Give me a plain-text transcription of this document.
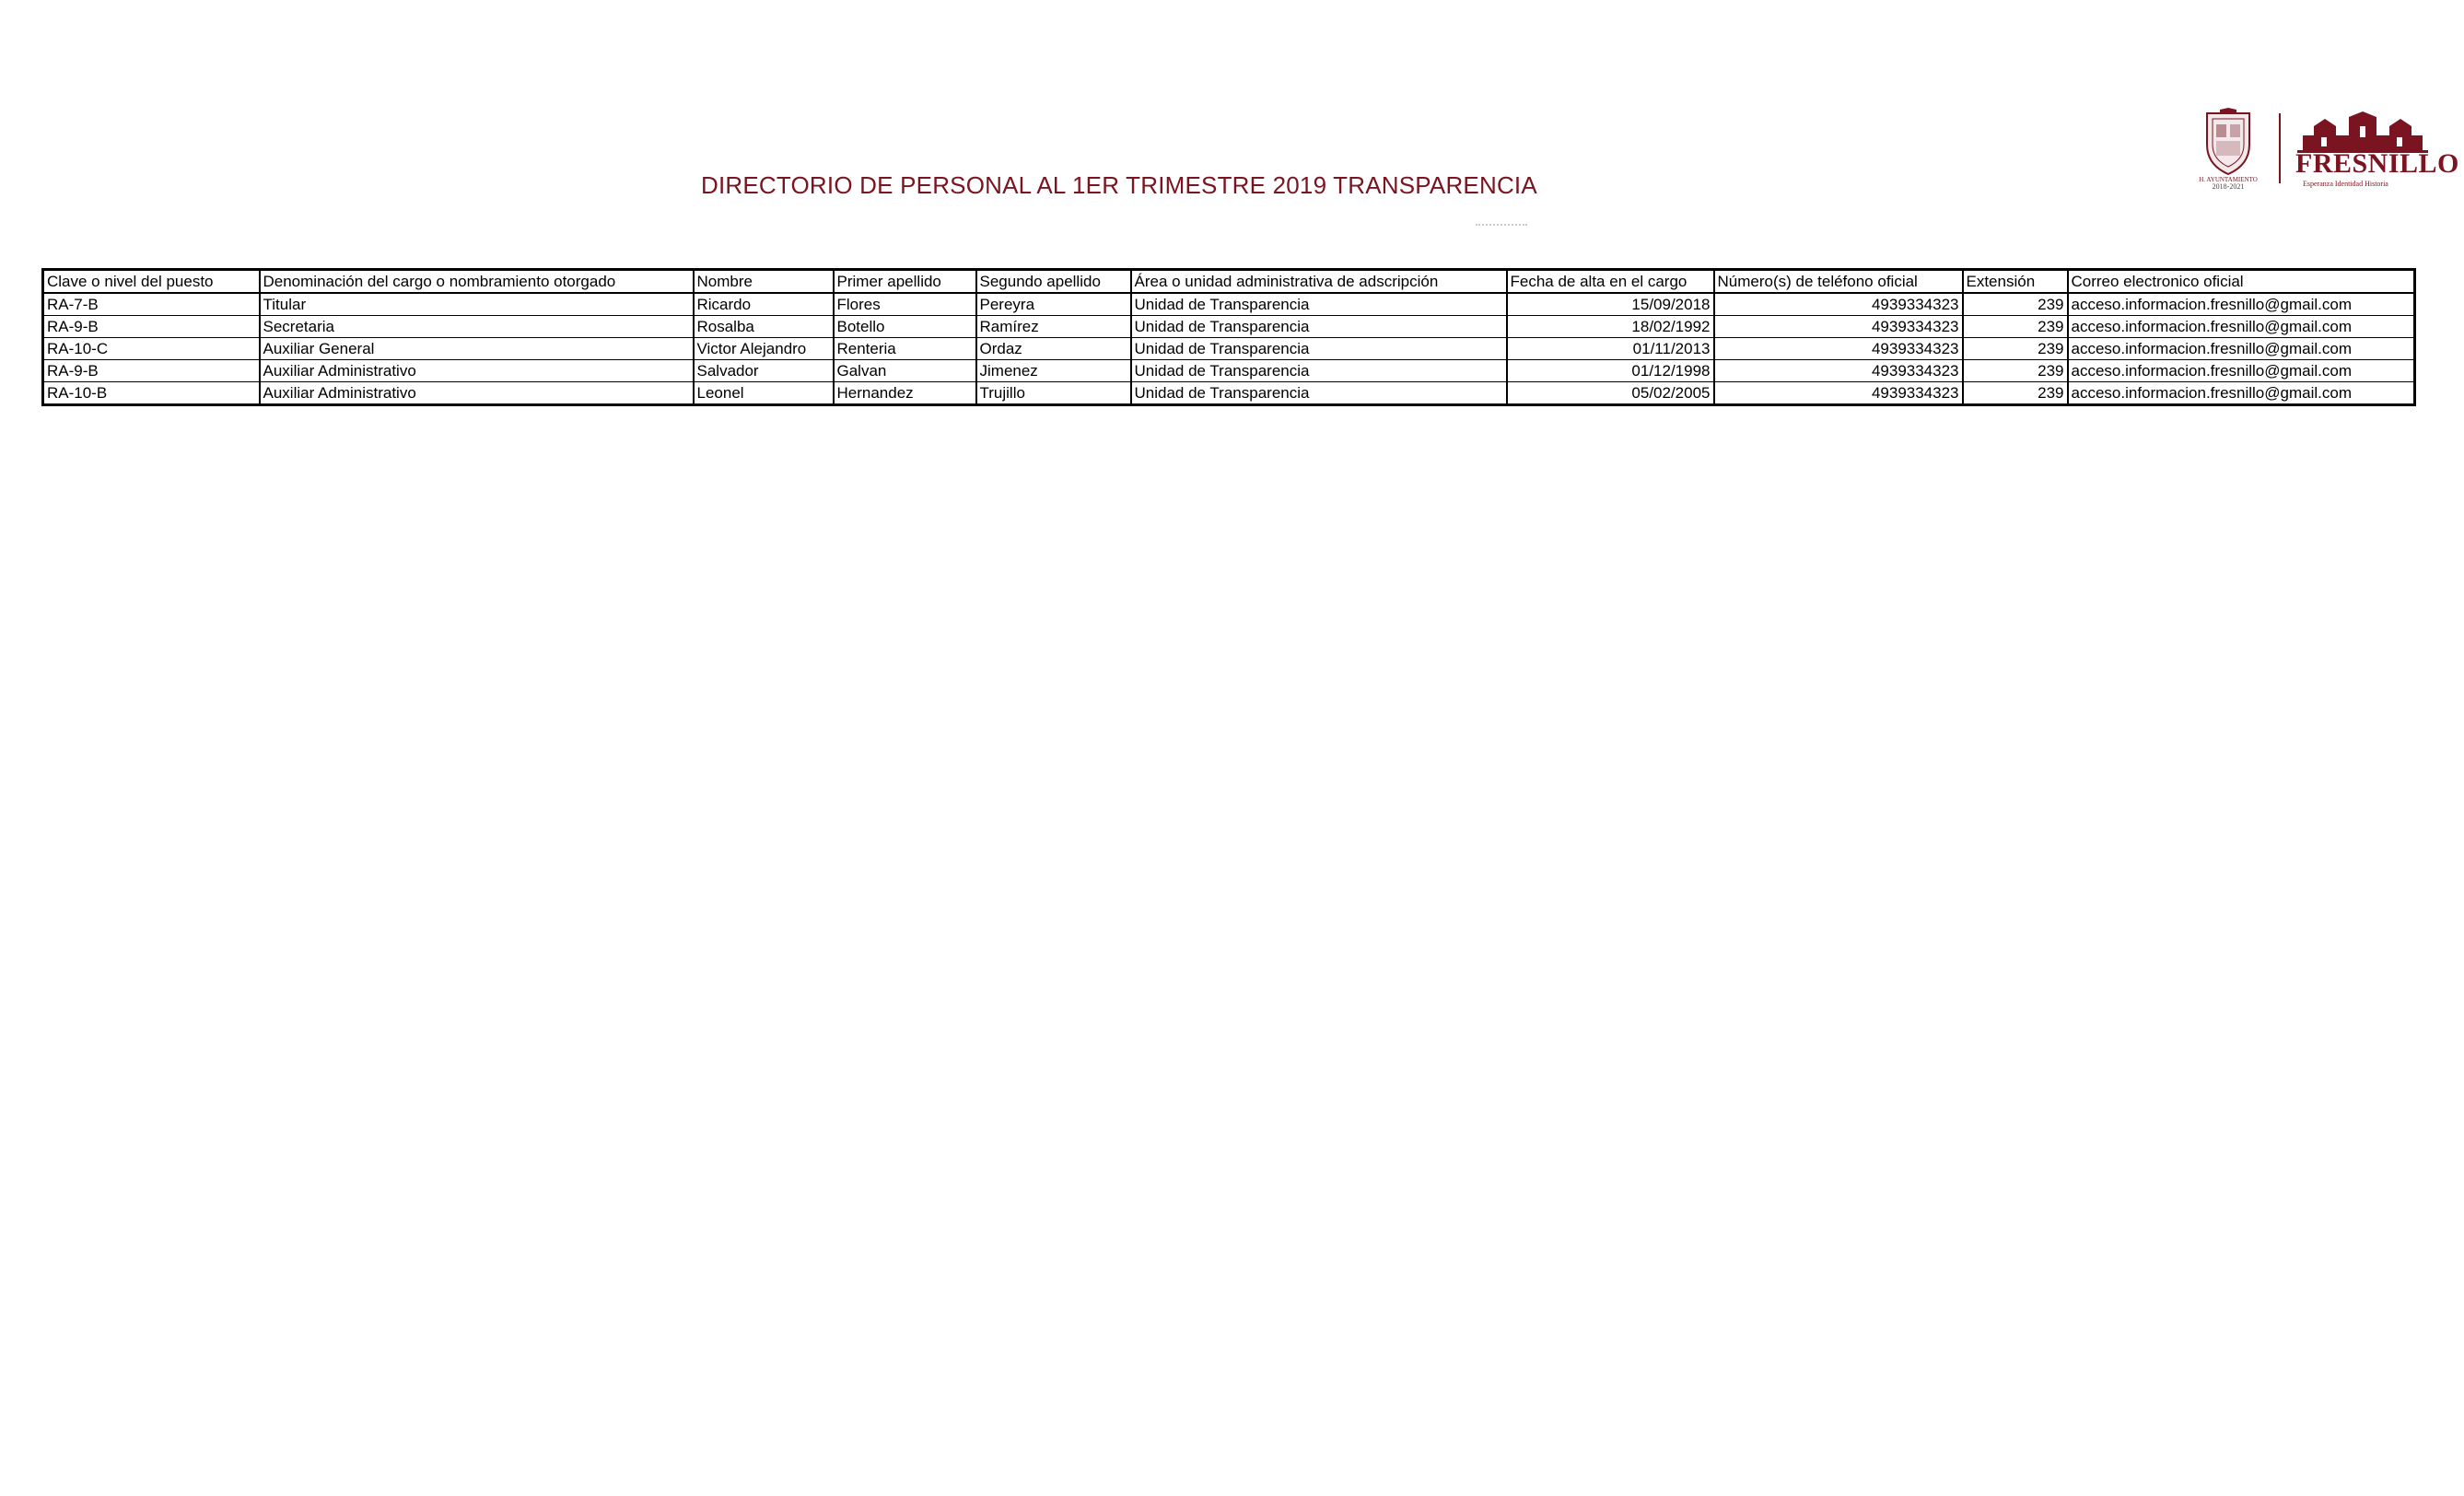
DIRECTORIO DE PERSONAL AL 1ER TRIMESTRE 2019 TRANSPARENCIA	H. AYUNTAMIENTO
2018-2021
FRESNILLO
Esperanza Identidad Historia
Clave o nivel del puesto	Denominación del cargo o nombramiento otorgado	Nombre	Primer apellido	Segundo apellido	Área o unidad administrativa de adscripción	Fecha de alta en el cargo	Número(s) de teléfono oficial	Extensión	Correo electronico oficial
RA-7-B	Titular	Ricardo	Flores	Pereyra	Unidad de Transparencia	15/09/2018	4939334323	239	acceso.informacion.fresnillo@gmail.com
RA-9-B	Secretaria	Rosalba	Botello	Ramírez	Unidad de Transparencia	18/02/1992	4939334323	239	acceso.informacion.fresnillo@gmail.com
RA-10-C	Auxiliar General	Victor Alejandro	Renteria	Ordaz	Unidad de Transparencia	01/11/2013	4939334323	239	acceso.informacion.fresnillo@gmail.com
RA-9-B	Auxiliar Administrativo	Salvador	Galvan	Jimenez	Unidad de Transparencia	01/12/1998	4939334323	239	acceso.informacion.fresnillo@gmail.com
RA-10-B	Auxiliar Administrativo	Leonel	Hernandez	Trujillo	Unidad de Transparencia	05/02/2005	4939334323	239	acceso.informacion.fresnillo@gmail.com
